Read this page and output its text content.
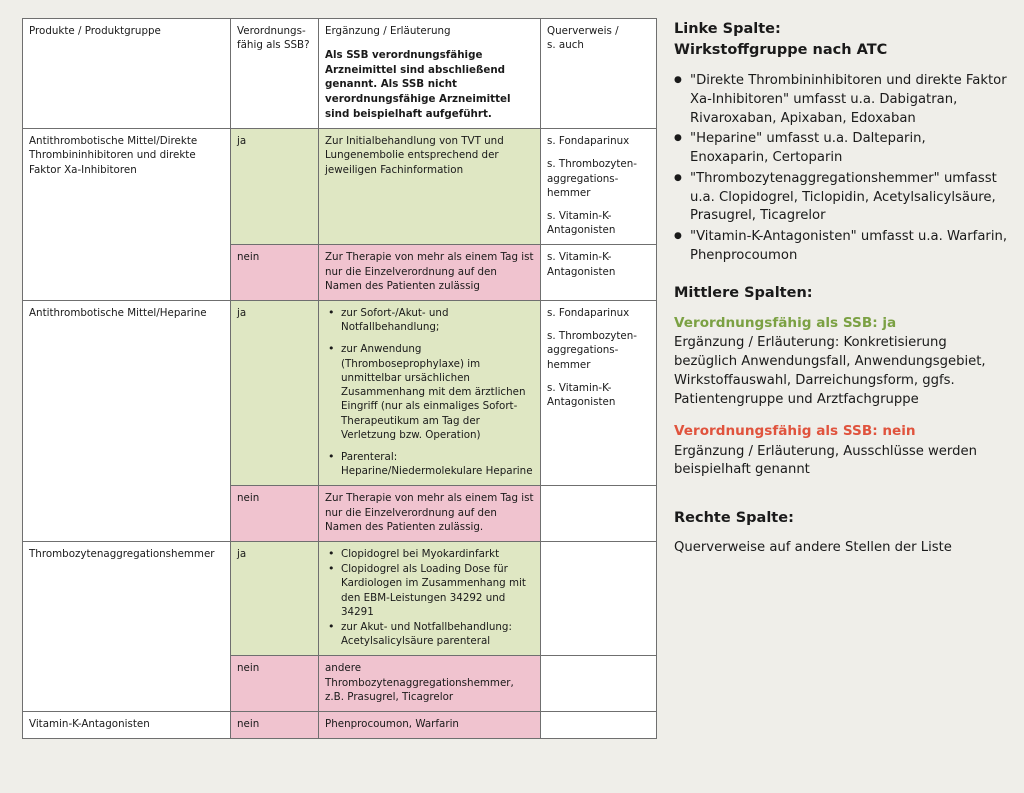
Produkte / Produktgruppe	Verordnungs-
fähig als SSB?	
Ergänzung / Erläuterung
Als SSB verordnungsfähige Arzneimittel sind abschließend genannt. Als SSB nicht verordnungsfähige Arzneimittel sind beispielhaft aufgeführt.
	Querverweis /
s. auch
Antithrombotische Mittel/Direkte Thrombininhibitoren und direkte Faktor Xa-Inhibitoren	ja	Zur Initialbehandlung von TVT und Lungenembolie entsprechend der jeweiligen Fachinformation	

s. Fondaparinux

s. Thrombozyten-
aggregations-
hemmer

s. Vitamin-K-
Antagonisten

	nein	Zur Therapie von mehr als einem Tag ist nur die Einzelverordnung auf den Namen des Patienten zulässig	s. Vitamin-K-
Antagonisten

Antithrombotische Mittel/Heparine	ja	
•zur Sofort-/Akut- und Notfallbehandlung;
• zur Anwendung (Thromboseprophylaxe) im unmittelbar ursächlichen Zusammenhang mit dem ärztlichen Eingriff (nur als einmaliges Sofort-Therapeutikum am Tag der Verletzung bzw. Operation)
• Parenteral: Heparine/Niedermolekulare Heparine

s. Fondaparinux

s. Thrombozyten-
aggregations-
hemmer

s. Vitamin-K-
Antagonisten

	nein	Zur Therapie von mehr als einem Tag ist nur die Einzelverordnung auf den Namen des Patienten zulässig.	
Thrombozytenaggregationshemmer	ja	
•Clopidogrel bei Myokardinfarkt
• Clopidogrel als Loading Dose für Kardiologen im Zusammenhang mit den EBM-Leistungen 34292 und 34291
• zur Akut- und Notfallbehandlung: Acetylsalicylsäure parenteral

	nein	andere Thrombozytenaggregationshemmer, z.B. Prasugrel, Ticagrelor	
Vitamin-K-Antagonisten	nein	Phenprocoumon, Warfarin	
Linke Spalte:
Wirkstoffgruppe nach ATC
● "Direkte Thrombininhibitoren und direkte Faktor Xa-Inhibitoren" umfasst u.a. Dabigatran, Rivaroxaban, Apixaban, Edoxaban
● "Heparine" umfasst u.a. Dalteparin, Enoxaparin, Certoparin
● "Thrombozytenaggregationshemmer" umfasst u.a. Clopidogrel, Ticlopidin, Acetylsalicylsäure, Prasugrel, Ticagrelor
● "Vitamin-K-Antagonisten" umfasst u.a. Warfarin, Phenprocoumon
Mittlere Spalten:
Verordnungsfähig als SSB: ja

Ergänzung / Erläuterung: Konkretisierung bezüglich Anwendungsfall, Anwendungsgebiet, Wirkstoffauswahl, Darreichungsform, ggfs. Patientengruppe und Arztfachgruppe

Verordnungsfähig als SSB: nein

Ergänzung / Erläuterung, Ausschlüsse werden beispielhaft genannt

Rechte Spalte:

Querverweise auf andere Stellen der Liste
